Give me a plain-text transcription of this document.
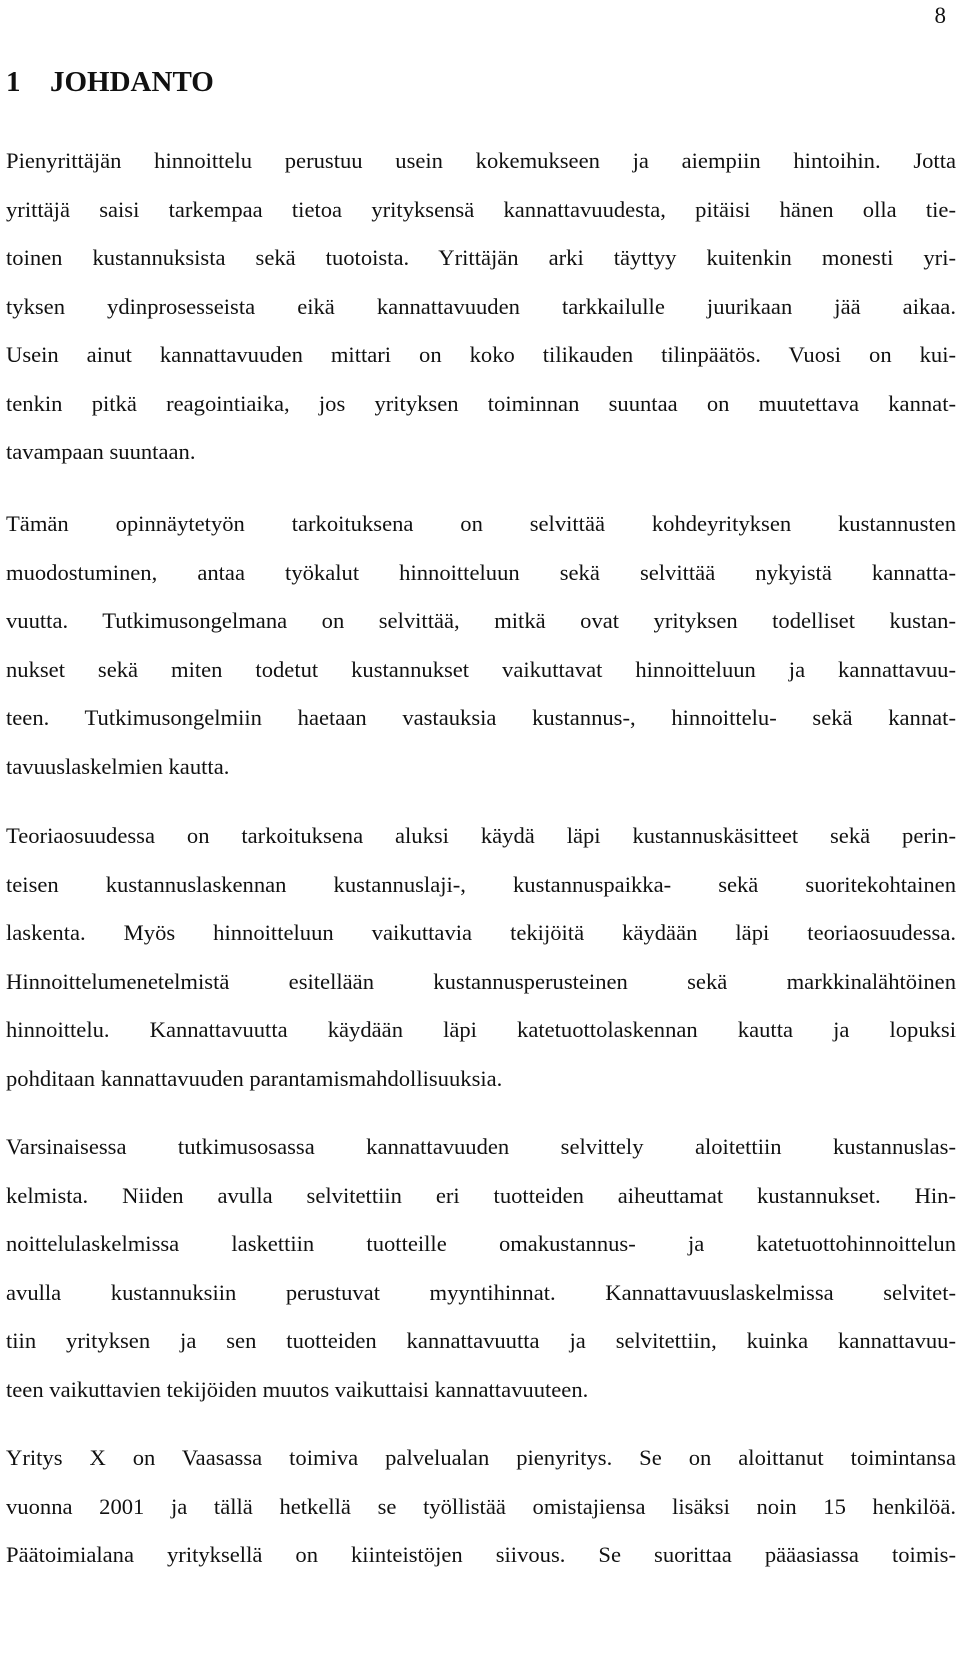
8
1 JOHDANTO
Pienyrittäjän hinnoittelu perustuu usein kokemukseen ja aiempiin hintoihin. Jotta
yrittäjä saisi tarkempaa tietoa yrityksensä kannattavuudesta, pitäisi hänen olla tie-
toinen kustannuksista sekä tuotoista. Yrittäjän arki täyttyy kuitenkin monesti yri-
tyksen ydinprosesseista eikä kannattavuuden tarkkailulle juurikaan jää aikaa.
Usein ainut kannattavuuden mittari on koko tilikauden tilinpäätös. Vuosi on kui-
tenkin pitkä reagointiaika, jos yrityksen toiminnan suuntaa on muutettava kannat-
tavampaan suuntaan.
Tämän opinnäytetyön tarkoituksena on selvittää kohdeyrityksen kustannusten
muodostuminen, antaa työkalut hinnoitteluun sekä selvittää nykyistä kannatta-
vuutta. Tutkimusongelmana on selvittää, mitkä ovat yrityksen todelliset kustan-
nukset sekä miten todetut kustannukset vaikuttavat hinnoitteluun ja kannattavuu-
teen. Tutkimusongelmiin haetaan vastauksia kustannus-, hinnoittelu- sekä kannat-
tavuuslaskelmien kautta.
Teoriaosuudessa on tarkoituksena aluksi käydä läpi kustannuskäsitteet sekä perin-
teisen kustannuslaskennan kustannuslaji-, kustannuspaikka- sekä suoritekohtainen
laskenta. Myös hinnoitteluun vaikuttavia tekijöitä käydään läpi teoriaosuudessa.
Hinnoittelumenetelmistä esitellään kustannusperusteinen sekä markkinalähtöinen
hinnoittelu. Kannattavuutta käydään läpi katetuottolaskennan kautta ja lopuksi
pohditaan kannattavuuden parantamismahdollisuuksia.
Varsinaisessa tutkimusosassa kannattavuuden selvittely aloitettiin kustannuslas-
kelmista. Niiden avulla selvitettiin eri tuotteiden aiheuttamat kustannukset. Hin-
noittelulaskelmissa laskettiin tuotteille omakustannus- ja katetuottohinnoittelun
avulla kustannuksiin perustuvat myyntihinnat. Kannattavuuslaskelmissa selvitet-
tiin yrityksen ja sen tuotteiden kannattavuutta ja selvitettiin, kuinka kannattavuu-
teen vaikuttavien tekijöiden muutos vaikuttaisi kannattavuuteen.
Yritys X on Vaasassa toimiva palvelualan pienyritys. Se on aloittanut toimintansa
vuonna 2001 ja tällä hetkellä se työllistää omistajiensa lisäksi noin 15 henkilöä.
Päätoimialana yrityksellä on kiinteistöjen siivous. Se suorittaa pääasiassa toimis-
